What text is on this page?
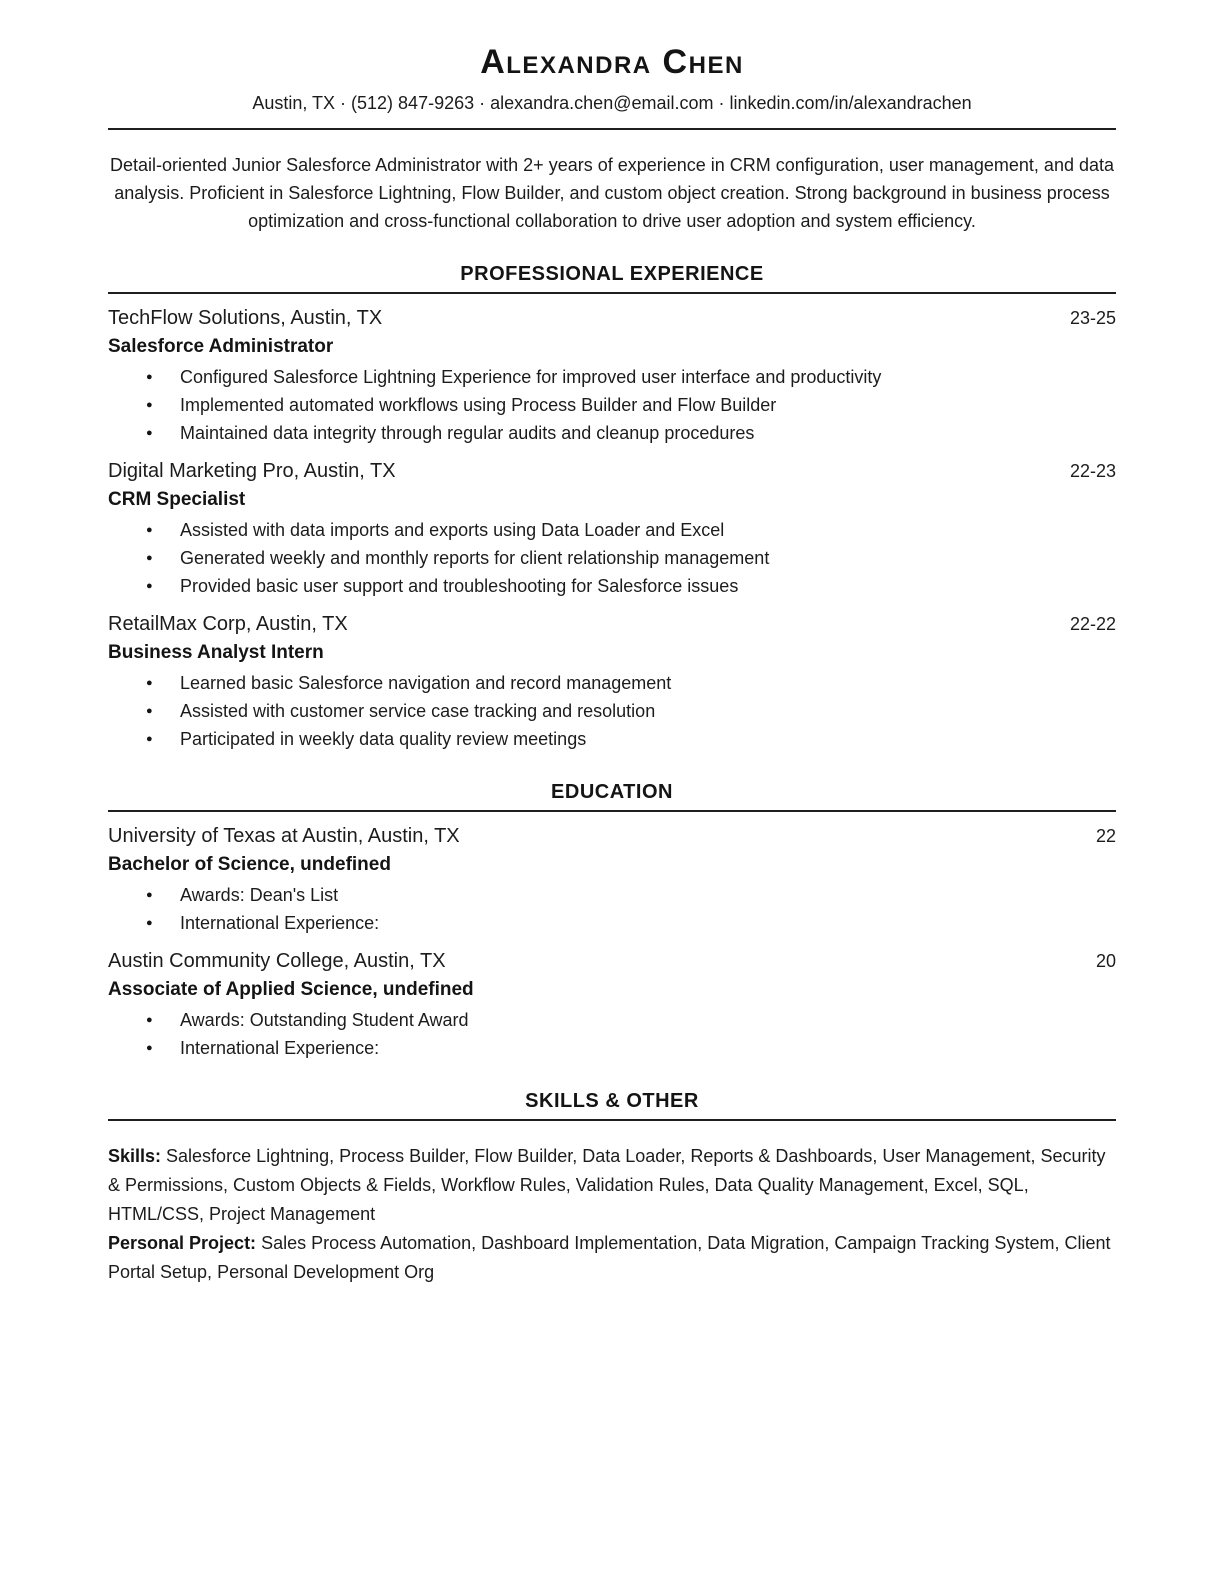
Alexandra Chen
Austin, TX · (512) 847-9263 · alexandra.chen@email.com · linkedin.com/in/alexandrachen

Detail-oriented Junior Salesforce Administrator with 2+ years of experience in CRM configuration, user management, and data analysis. Proficient in Salesforce Lightning, Flow Builder, and custom object creation. Strong background in business process optimization and cross-functional collaboration to drive user adoption and system efficiency.

PROFESSIONAL EXPERIENCE
TechFlow Solutions, Austin, TX	23-25
Salesforce Administrator
● Configured Salesforce Lightning Experience for improved user interface and productivity
● Implemented automated workflows using Process Builder and Flow Builder
● Maintained data integrity through regular audits and cleanup procedures
Digital Marketing Pro, Austin, TX	22-23
CRM Specialist
● Assisted with data imports and exports using Data Loader and Excel
● Generated weekly and monthly reports for client relationship management
● Provided basic user support and troubleshooting for Salesforce issues
RetailMax Corp, Austin, TX	22-22
Business Analyst Intern
● Learned basic Salesforce navigation and record management
● Assisted with customer service case tracking and resolution
● Participated in weekly data quality review meetings
EDUCATION
University of Texas at Austin, Austin, TX	22
Bachelor of Science, undefined
● Awards: Dean's List
● International Experience:
Austin Community College, Austin, TX	20
Associate of Applied Science, undefined
● Awards: Outstanding Student Award
● International Experience:
SKILLS & OTHER

Skills: Salesforce Lightning, Process Builder, Flow Builder, Data Loader, Reports & Dashboards, User Management, Security & Permissions, Custom Objects & Fields, Workflow Rules, Validation Rules, Data Quality Management, Excel, SQL, HTML/CSS, Project Management

Personal Project: Sales Process Automation, Dashboard Implementation, Data Migration, Campaign Tracking System, Client Portal Setup, Personal Development Org
